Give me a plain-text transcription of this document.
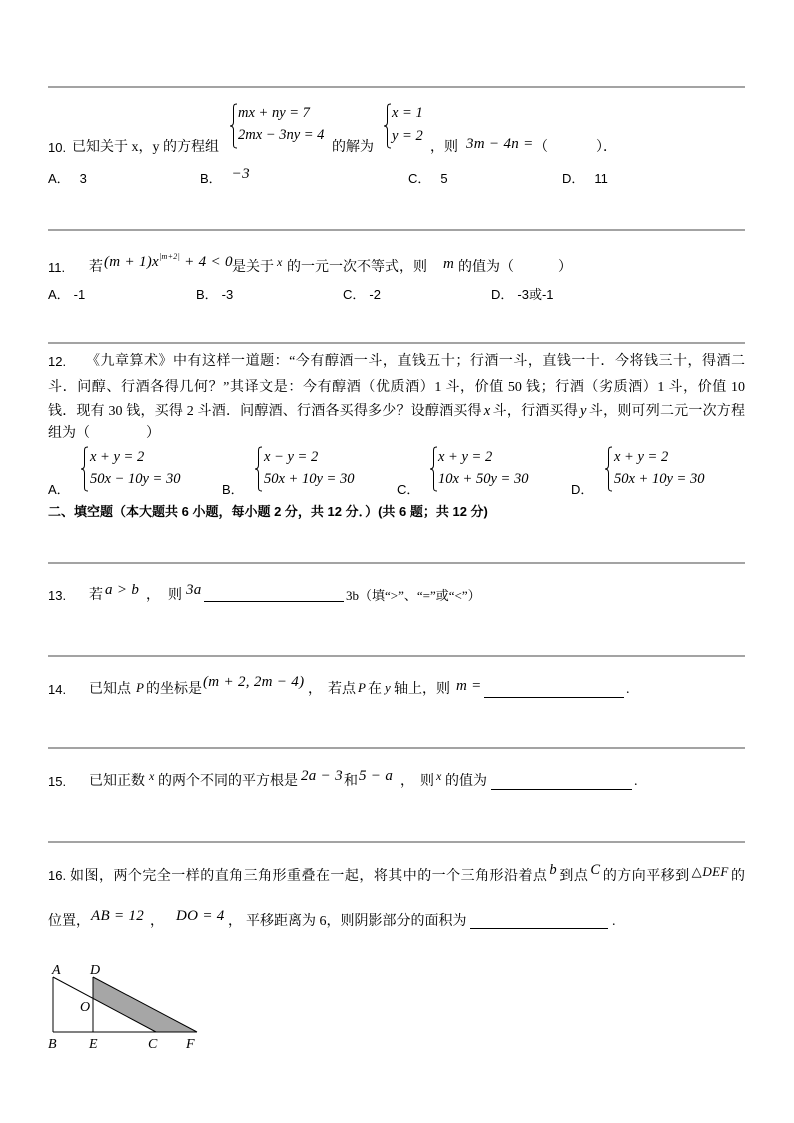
10. 已知关于 x，y 的方程组
mx + ny = 7
2mx − 3ny = 4
的解为
x = 1
y = 2
，则 3m − 4n = （	）．
A． 3	B． −3	C． 5	D． 11
11. 若 $(m + 1)x^{|m+2|} + 4 < 0$ 是关于 x 的一元一次不等式，则 m 的值为（	）
A． -1	B． -3	C． -2	D． -3或-1
12. 《九章算术》中有这样一道题：“今有醇酒一斗，直钱五十；行酒一斗，直钱一十．今将钱三十，得酒二
斗．问醇、行酒各得几何？”其译文是：今有醇酒（优质酒）1 斗，价值 50 钱；行酒（劣质酒）1 斗，价值 10
钱．现有 30 钱，买得 2 斗酒．问醇酒、行酒各买得多少？设醇酒买得 x 斗，行酒买得 y 斗，则可列二元一次方程
组为（	）
A．
x + y = 2
50x − 10y = 30
B．
x − y = 2
50x + 10y = 30
C．
x + y = 2
10x + 50y = 30
D．
x + y = 2
50x + 10y = 30
二、填空题（本大题共 6 小题，每小题 2 分，共 12 分．）(共 6 题；共 12 分)
13. 若 a > b ， 则 3a	3b（填“>”、“=”或“<”）
14. 已知点 P 的坐标是 (m + 2, 2m − 4) ， 若点 P 在 y 轴上，则 m =	.
15. 已知正数 x 的两个不同的平方根是 2a − 3 和 5 − a ， 则 x 的值为	.
16. 如图，两个完全一样的直角三角形重叠在一起，将其中的一个三角形沿着点 b 到点 C 的方向平移到 △DEF 的
位置， AB = 12 ， DO = 4 ， 平移距离为 6，则阴影部分的面积为	.
A D
O
B E	C F
